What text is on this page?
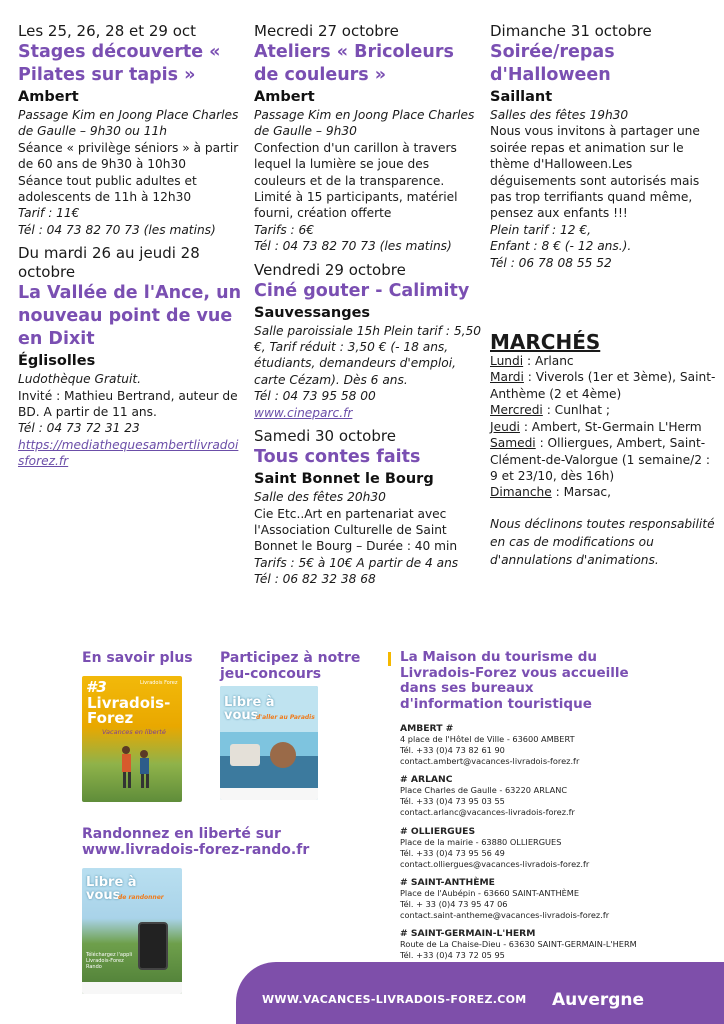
Les 25, 26, 28 et 29 oct
Stages découverte « Pilates sur tapis »
Ambert

Passage Kim en Joong Place Charles de Gaulle – 9h30 ou 11h

Séance « privilège séniors » à partir de 60 ans de 9h30 à 10h30

Séance tout public adultes et adolescents de 11h à 12h30

Tarif : 11€

Tél : 04 73 82 70 73 (les matins)

Du mardi 26 au jeudi 28 octobre
La Vallée de l'Ance, un nouveau point de vue en Dixit
Églisolles

Ludothèque Gratuit.

Invité : Mathieu Bertrand, auteur de BD. A partir de 11 ans.

Tél : 04 73 72 31 23

https://mediathequesambertlivradoisforez.fr

Mecredi 27 octobre
Ateliers « Bricoleurs de couleurs »
Ambert

Passage Kim en Joong Place Charles de Gaulle – 9h30

Confection d'un carillon à travers lequel la lumière se joue des couleurs et de la transparence. Limité à 15 participants, matériel fourni, création offerte

Tarifs : 6€

Tél : 04 73 82 70 73 (les matins)

Vendredi 29 octobre
Ciné gouter - Calimity
Sauvessanges

Salle paroissiale 15h Plein tarif : 5,50 €, Tarif réduit : 3,50 € (- 18 ans, étudiants, demandeurs d'emploi, carte Cézam). Dès 6 ans.

Tél : 04 73 95 58 00

www.cineparc.fr

Samedi 30 octobre
Tous contes faits
Saint Bonnet le Bourg

Salle des fêtes 20h30

Cie Etc..Art en partenariat avec l'Association Culturelle de Saint Bonnet le Bourg – Durée : 40 min

Tarifs : 5€ à 10€ A partir de 4 ans

Tél : 06 82 32 38 68

Dimanche 31 octobre
Soirée/repas d'Halloween
Saillant

Salles des fêtes 19h30

Nous vous invitons à partager une soirée repas et animation sur le thème d'Halloween.Les déguisements sont autorisés mais pas trop terrifiants quand même, pensez aux enfants !!!

Plein tarif : 12 €,

Enfant : 8 € (- 12 ans.).

Tél : 06 78 08 55 52

MARCHÉS

Lundi : Arlanc

Mardi : Viverols (1er et 3ème), Saint-Anthème (2 et 4ème)

Mercredi : Cunlhat ;

Jeudi : Ambert, St-Germain L'Herm

Samedi : Olliergues, Ambert, Saint-Clément-de-Valorgue (1 semaine/2 : 9 et 23/10, dès 16h)

Dimanche : Marsac,

Nous déclinons toutes responsabilité en cas de modifications ou d'annulations d'animations.

En savoir plus	Participez à notre jeu-concours
#3	Livradois Forez
Livradois-
Forez
Vacances en liberté
Libre à
vous
d'aller au Paradis
Randonnez en liberté sur
www.livradois-forez-rando.fr
Libre à
vous
de randonner
Téléchargez l'appli Livradois-Forez Rando
La Maison du tourisme du Livradois-Forez vous accueille dans ses bureaux d'information touristique
AMBERT #
4 place de l'Hôtel de Ville - 63600 AMBERT
Tél. +33 (0)4 73 82 61 90
contact.ambert@vacances-livradois-forez.fr
# ARLANC
Place Charles de Gaulle - 63220 ARLANC
Tél. +33 (0)4 73 95 03 55
contact.arlanc@vacances-livradois-forez.fr
# OLLIERGUES
Place de la mairie - 63880 OLLIERGUES
Tél. +33 (0)4 73 95 56 49
contact.olliergues@vacances-livradois-forez.fr
# SAINT-ANTHÈME
Place de l'Aubépin - 63660 SAINT-ANTHÈME
Tél. + 33 (0)4 73 95 47 06
contact.saint-antheme@vacances-livradois-forez.fr
# SAINT-GERMAIN-L'HERM
Route de La Chaise-Dieu - 63630 SAINT-GERMAIN-L'HERM
Tél. +33 (0)4 73 72 05 95
WWW.VACANCES-LIVRADOIS-FOREZ.COM Auvergne
